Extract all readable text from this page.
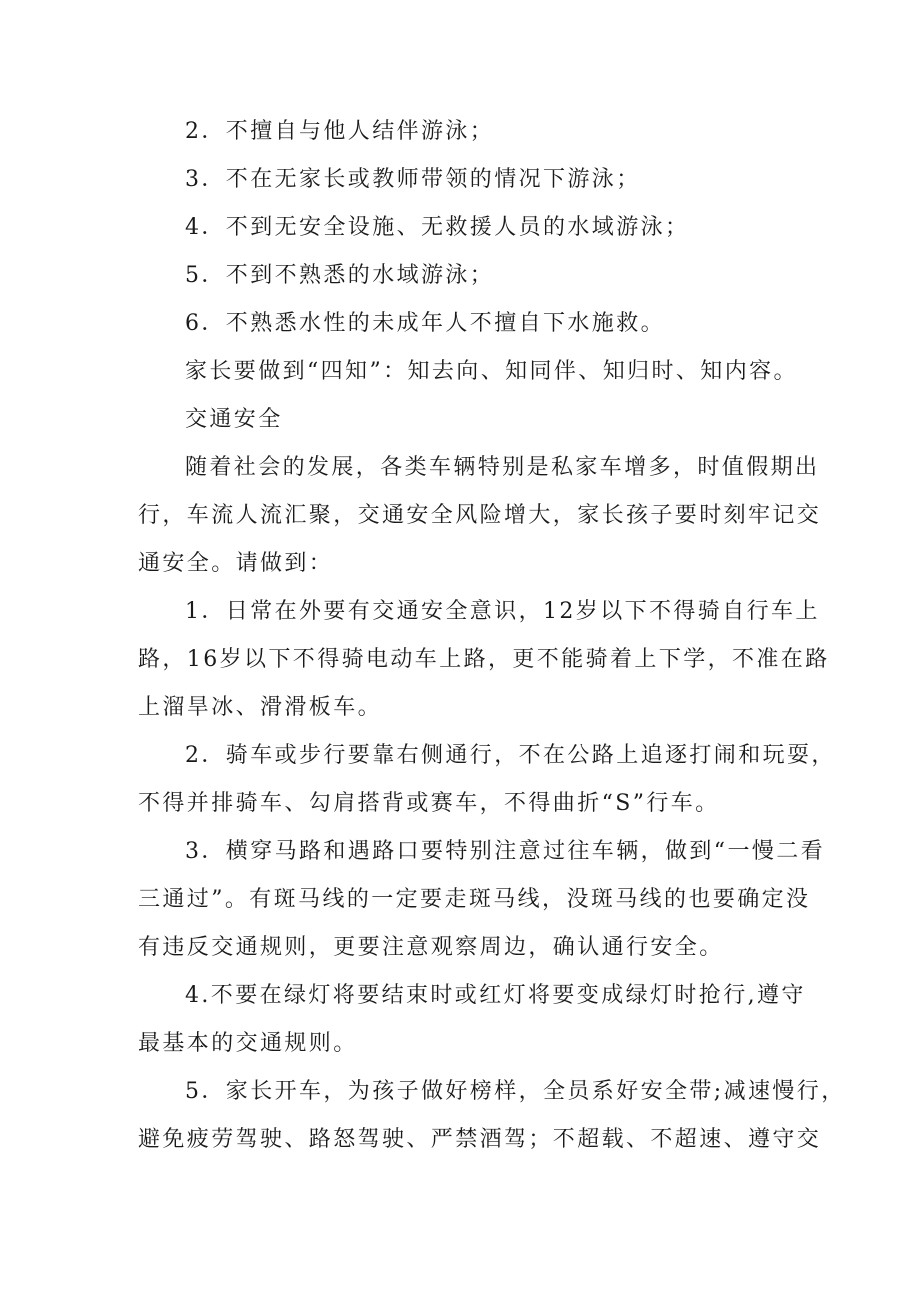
2．不擅自与他人结伴游泳；
3．不在无家长或教师带领的情况下游泳；
4．不到无安全设施、无救援人员的水域游泳；
5．不到不熟悉的水域游泳；
6．不熟悉水性的未成年人不擅自下水施救。
家长要做到“四知”：知去向、知同伴、知归时、知内容。
交通安全
随着社会的发展，各类车辆特别是私家车增多，时值假期出
行，车流人流汇聚，交通安全风险增大，家长孩子要时刻牢记交
通安全。请做到：
1．日常在外要有交通安全意识，12岁以下不得骑自行车上
路，16岁以下不得骑电动车上路，更不能骑着上下学，不准在路
上溜旱冰、滑滑板车。
2．骑车或步行要靠右侧通行，不在公路上追逐打闹和玩耍，
不得并排骑车、勾肩搭背或赛车，不得曲折“S”行车。
3．横穿马路和遇路口要特别注意过往车辆，做到“一慢二看
三通过”。有斑马线的一定要走斑马线，没斑马线的也要确定没
有违反交通规则，更要注意观察周边，确认通行安全。
4.不要在绿灯将要结束时或红灯将要变成绿灯时抢行,遵守
最基本的交通规则。
5．家长开车，为孩子做好榜样，全员系好安全带;减速慢行，
避免疲劳驾驶、路怒驾驶、严禁酒驾；不超载、不超速、遵守交
